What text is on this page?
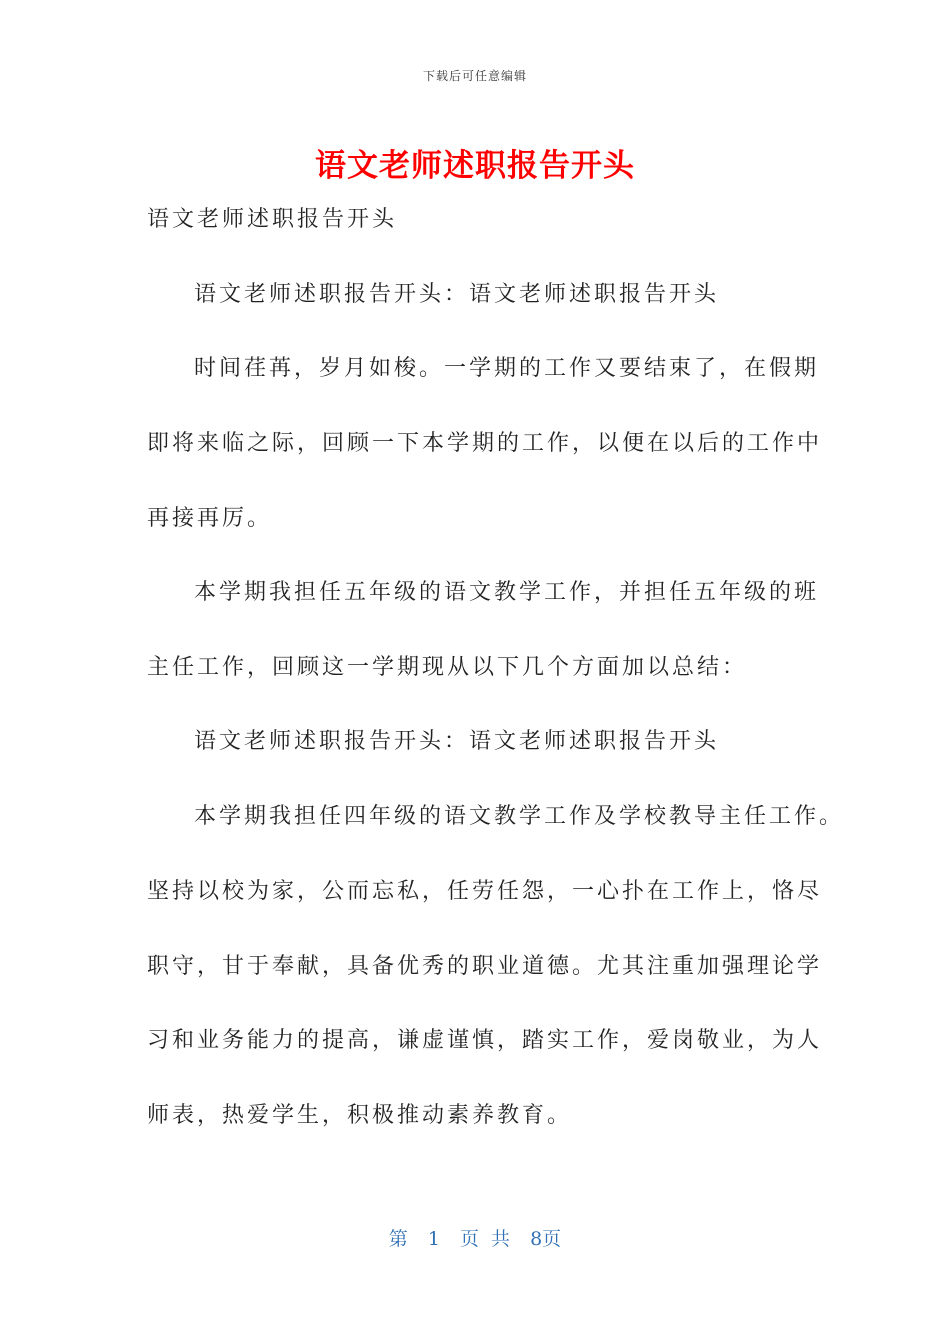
下载后可任意编辑
语文老师述职报告开头
语文老师述职报告开头
语文老师述职报告开头：语文老师述职报告开头
时间荏苒，岁月如梭。一学期的工作又要结束了，在假期
即将来临之际，回顾一下本学期的工作，以便在以后的工作中
再接再厉。
本学期我担任五年级的语文教学工作，并担任五年级的班
主任工作，回顾这一学期现从以下几个方面加以总结：
语文老师述职报告开头：语文老师述职报告开头
本学期我担任四年级的语文教学工作及学校教导主任工作。
坚持以校为家，公而忘私，任劳任怨，一心扑在工作上，恪尽
职守，甘于奉献，具备优秀的职业道德。尤其注重加强理论学
习和业务能力的提高，谦虚谨慎，踏实工作，爱岗敬业，为人
师表，热爱学生，积极推动素养教育。
第 1 页 共 8页
